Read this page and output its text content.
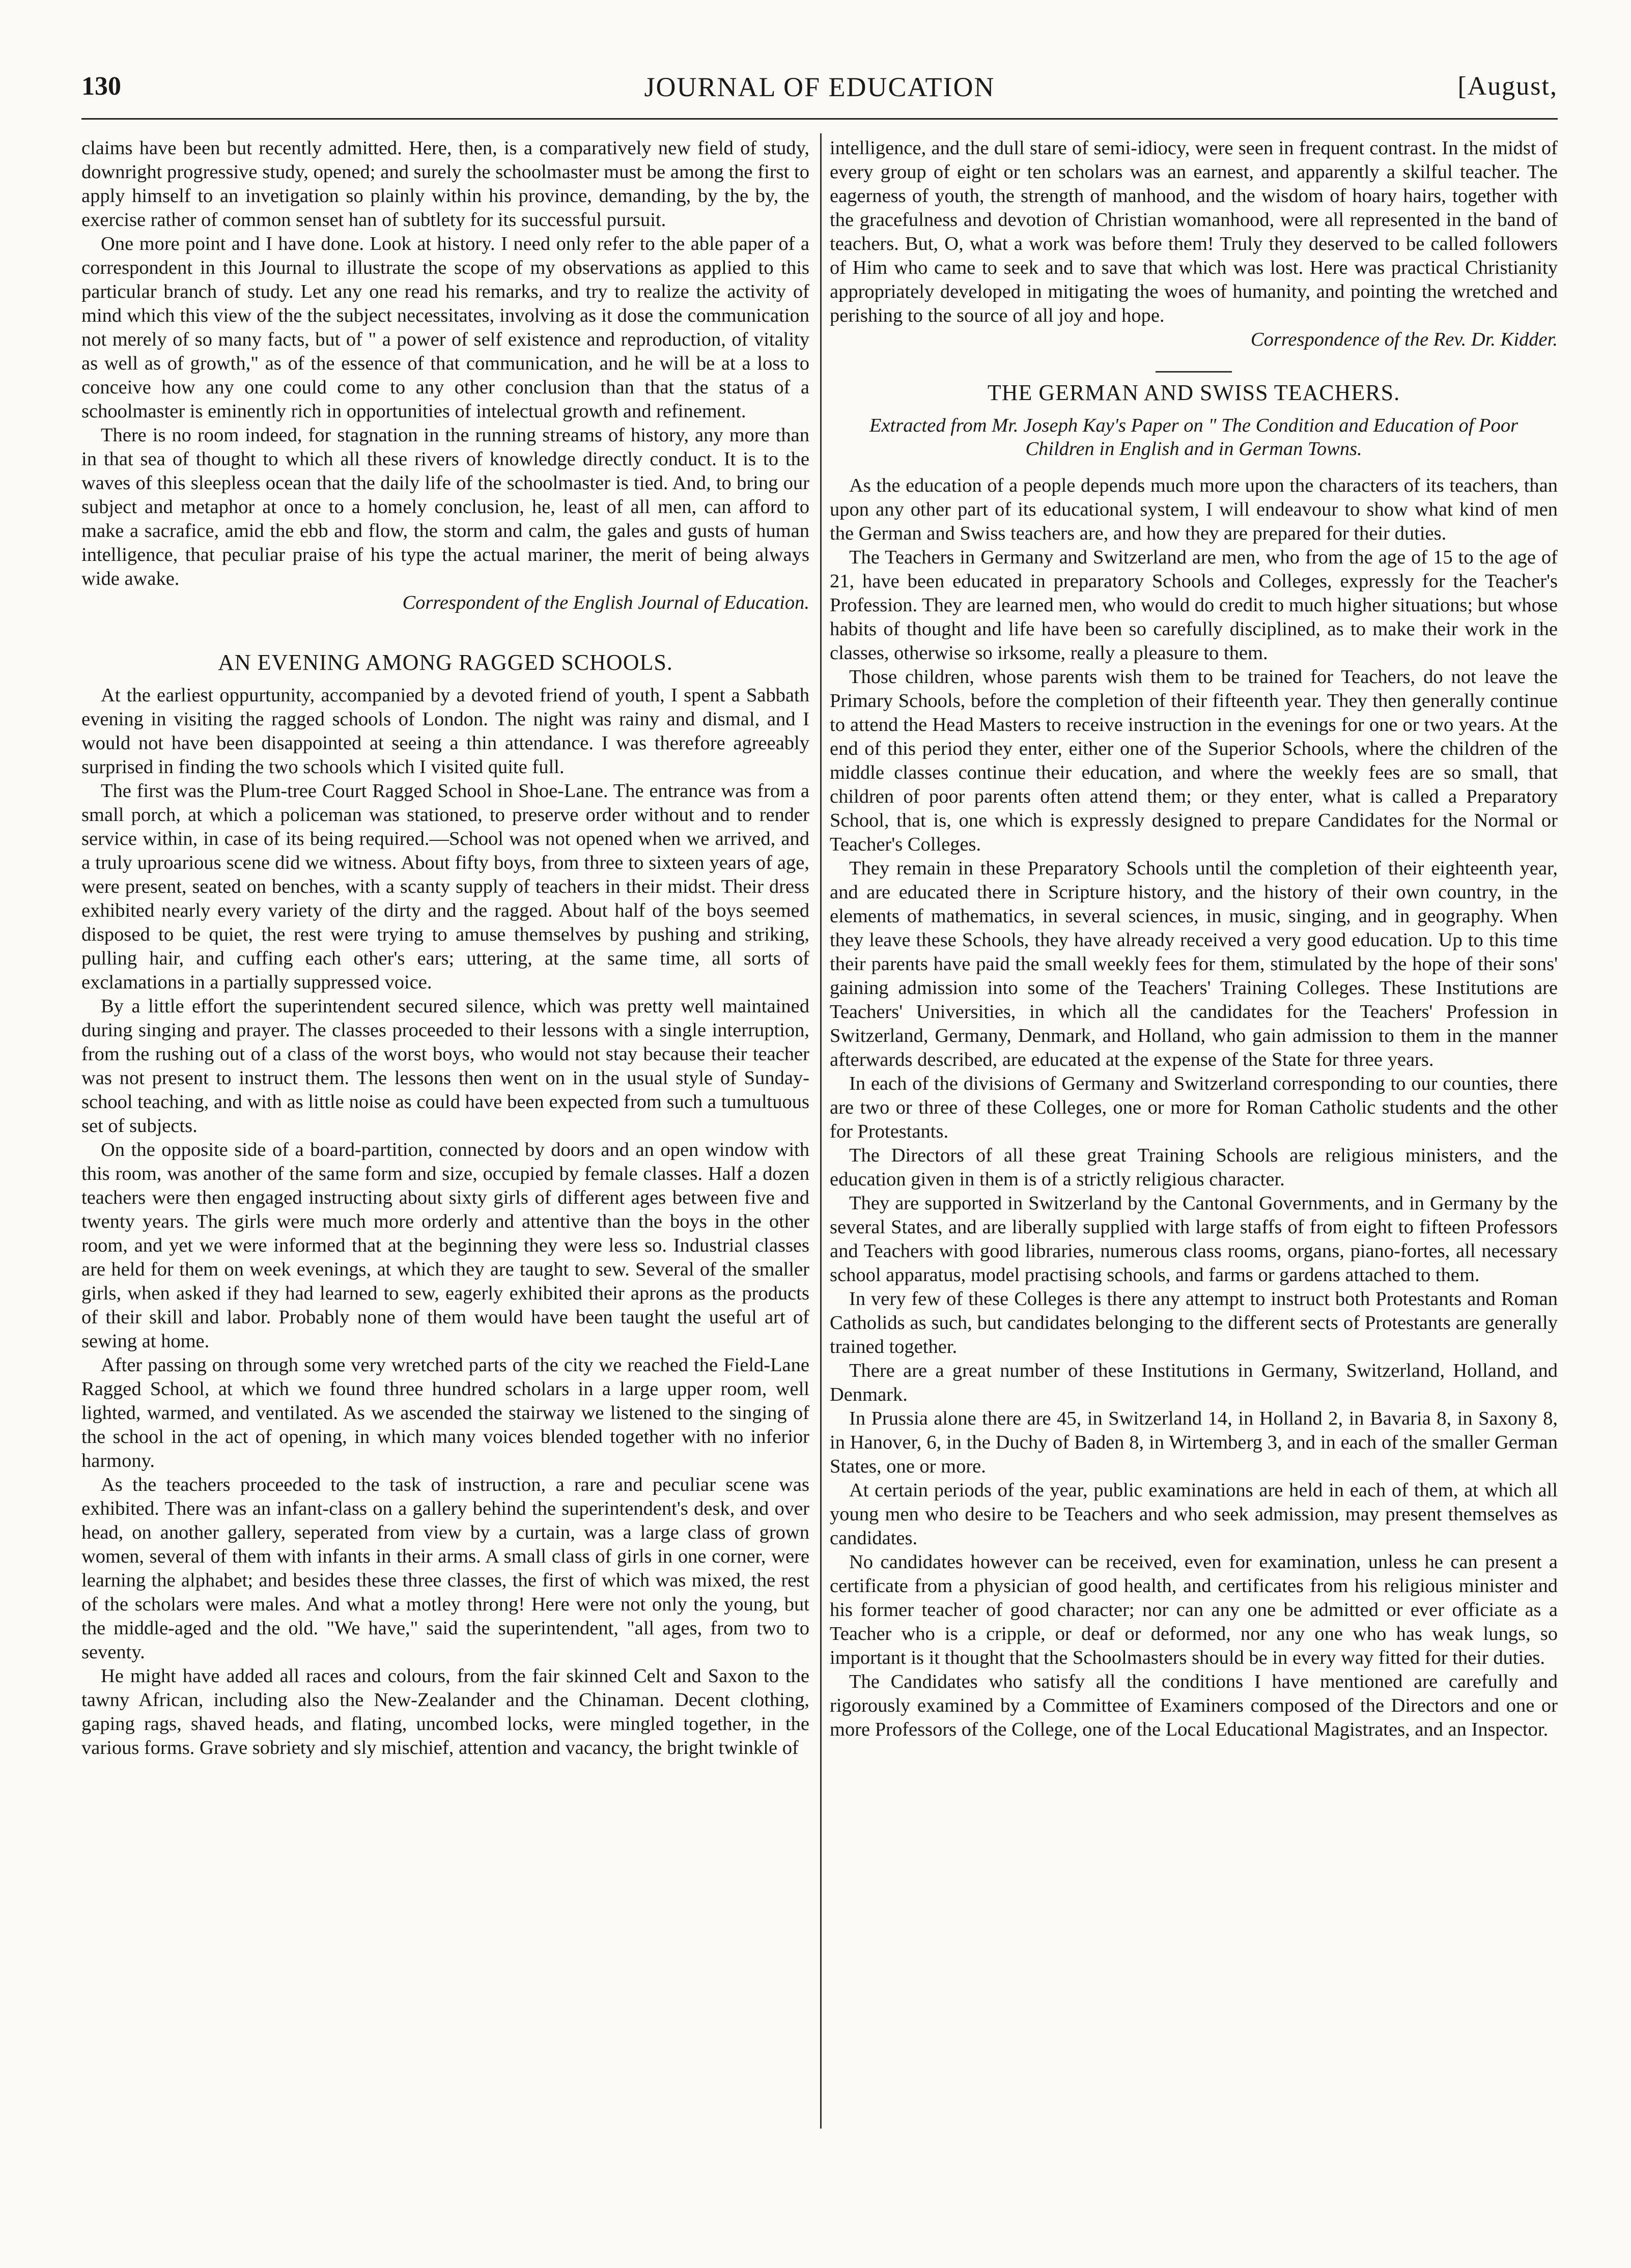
JOURNAL OF EDUCATION
130	[August,

claims have been but recently admitted. Here, then, is a comparatively new field of study, downright progressive study, opened; and surely the schoolmaster must be among the first to apply himself to an invetigation so plainly within his province, demanding, by the by, the exercise rather of common senset han of subtlety for its successful pursuit.

One more point and I have done. Look at history. I need only refer to the able paper of a correspondent in this Journal to illustrate the scope of my observations as applied to this particular branch of study. Let any one read his remarks, and try to realize the activity of mind which this view of the the subject necessitates, involving as it dose the communication not merely of so many facts, but of " a power of self existence and reproduction, of vitality as well as of growth," as of the essence of that communication, and he will be at a loss to conceive how any one could come to any other conclusion than that the status of a schoolmaster is eminently rich in opportunities of intelectual growth and refinement.

There is no room indeed, for stagnation in the running streams of history, any more than in that sea of thought to which all these rivers of knowledge directly conduct. It is to the waves of this sleepless ocean that the daily life of the schoolmaster is tied. And, to bring our subject and metaphor at once to a homely conclusion, he, least of all men, can afford to make a sacrafice, amid the ebb and flow, the storm and calm, the gales and gusts of human intelligence, that peculiar praise of his type the actual mariner, the merit of being always wide awake.

Correspondent of the English Journal of Education.
AN EVENING AMONG RAGGED SCHOOLS.

At the earliest oppurtunity, accompanied by a devoted friend of youth, I spent a Sabbath evening in visiting the ragged schools of London. The night was rainy and dismal, and I would not have been disappointed at seeing a thin attendance. I was therefore agreeably surprised in finding the two schools which I visited quite full.

The first was the Plum-tree Court Ragged School in Shoe-Lane. The entrance was from a small porch, at which a policeman was stationed, to preserve order without and to render service within, in case of its being required.—School was not opened when we arrived, and a truly uproarious scene did we witness. About fifty boys, from three to sixteen years of age, were present, seated on benches, with a scanty supply of teachers in their midst. Their dress exhibited nearly every variety of the dirty and the ragged. About half of the boys seemed disposed to be quiet, the rest were trying to amuse themselves by pushing and striking, pulling hair, and cuffing each other's ears; uttering, at the same time, all sorts of exclamations in a partially suppressed voice.

By a little effort the superintendent secured silence, which was pretty well maintained during singing and prayer. The classes proceeded to their lessons with a single interruption, from the rushing out of a class of the worst boys, who would not stay because their teacher was not present to instruct them. The lessons then went on in the usual style of Sunday-school teaching, and with as little noise as could have been expected from such a tumultuous set of subjects.

On the opposite side of a board-partition, connected by doors and an open window with this room, was another of the same form and size, occupied by female classes. Half a dozen teachers were then engaged instructing about sixty girls of different ages between five and twenty years. The girls were much more orderly and attentive than the boys in the other room, and yet we were informed that at the beginning they were less so. Industrial classes are held for them on week evenings, at which they are taught to sew. Several of the smaller girls, when asked if they had learned to sew, eagerly exhibited their aprons as the products of their skill and labor. Probably none of them would have been taught the useful art of sewing at home.

After passing on through some very wretched parts of the city we reached the Field-Lane Ragged School, at which we found three hundred scholars in a large upper room, well lighted, warmed, and ventilated. As we ascended the stairway we listened to the singing of the school in the act of opening, in which many voices blended together with no inferior harmony.

As the teachers proceeded to the task of instruction, a rare and peculiar scene was exhibited. There was an infant-class on a gallery behind the superintendent's desk, and over head, on another gallery, seperated from view by a curtain, was a large class of grown women, several of them with infants in their arms. A small class of girls in one corner, were learning the alphabet; and besides these three classes, the first of which was mixed, the rest of the scholars were males. And what a motley throng! Here were not only the young, but the middle-aged and the old. "We have," said the superintendent, "all ages, from two to seventy.

He might have added all races and colours, from the fair skinned Celt and Saxon to the tawny African, including also the New-Zealander and the Chinaman. Decent clothing, gaping rags, shaved heads, and flating, uncombed locks, were mingled together, in the various forms. Grave sobriety and sly mischief, attention and vacancy, the bright twinkle of

intelligence, and the dull stare of semi-idiocy, were seen in frequent contrast. In the midst of every group of eight or ten scholars was an earnest, and apparently a skilful teacher. The eagerness of youth, the strength of manhood, and the wisdom of hoary hairs, together with the gracefulness and devotion of Christian womanhood, were all represented in the band of teachers. But, O, what a work was before them! Truly they deserved to be called followers of Him who came to seek and to save that which was lost. Here was practical Christianity appropriately developed in mitigating the woes of humanity, and pointing the wretched and perishing to the source of all joy and hope.

Correspondence of the Rev. Dr. Kidder.
THE GERMAN AND SWISS TEACHERS.
Extracted from Mr. Joseph Kay's Paper on " The Condition and Education of Poor Children in English and in German Towns.

As the education of a people depends much more upon the characters of its teachers, than upon any other part of its educational system, I will endeavour to show what kind of men the German and Swiss teachers are, and how they are prepared for their duties.

The Teachers in Germany and Switzerland are men, who from the age of 15 to the age of 21, have been educated in preparatory Schools and Colleges, expressly for the Teacher's Profession. They are learned men, who would do credit to much higher situations; but whose habits of thought and life have been so carefully disciplined, as to make their work in the classes, otherwise so irksome, really a pleasure to them.

Those children, whose parents wish them to be trained for Teachers, do not leave the Primary Schools, before the completion of their fifteenth year. They then generally continue to attend the Head Masters to receive instruction in the evenings for one or two years. At the end of this period they enter, either one of the Superior Schools, where the children of the middle classes continue their education, and where the weekly fees are so small, that children of poor parents often attend them; or they enter, what is called a Preparatory School, that is, one which is expressly designed to prepare Candidates for the Normal or Teacher's Colleges.

They remain in these Preparatory Schools until the completion of their eighteenth year, and are educated there in Scripture history, and the history of their own country, in the elements of mathematics, in several sciences, in music, singing, and in geography. When they leave these Schools, they have already received a very good education. Up to this time their parents have paid the small weekly fees for them, stimulated by the hope of their sons' gaining admission into some of the Teachers' Training Colleges. These Institutions are Teachers' Universities, in which all the candidates for the Teachers' Profession in Switzerland, Germany, Denmark, and Holland, who gain admission to them in the manner afterwards described, are educated at the expense of the State for three years.

In each of the divisions of Germany and Switzerland corresponding to our counties, there are two or three of these Colleges, one or more for Roman Catholic students and the other for Protestants.

The Directors of all these great Training Schools are religious ministers, and the education given in them is of a strictly religious character.

They are supported in Switzerland by the Cantonal Governments, and in Germany by the several States, and are liberally supplied with large staffs of from eight to fifteen Professors and Teachers with good libraries, numerous class rooms, organs, piano-fortes, all necessary school apparatus, model practising schools, and farms or gardens attached to them.

In very few of these Colleges is there any attempt to instruct both Protestants and Roman Catholids as such, but candidates belonging to the different sects of Protestants are generally trained together.

There are a great number of these Institutions in Germany, Switzerland, Holland, and Denmark.

In Prussia alone there are 45, in Switzerland 14, in Holland 2, in Bavaria 8, in Saxony 8, in Hanover, 6, in the Duchy of Baden 8, in Wirtemberg 3, and in each of the smaller German States, one or more.

At certain periods of the year, public examinations are held in each of them, at which all young men who desire to be Teachers and who seek admission, may present themselves as candidates.

No candidates however can be received, even for examination, unless he can present a certificate from a physician of good health, and certificates from his religious minister and his former teacher of good character; nor can any one be admitted or ever officiate as a Teacher who is a cripple, or deaf or deformed, nor any one who has weak lungs, so important is it thought that the Schoolmasters should be in every way fitted for their duties.

The Candidates who satisfy all the conditions I have mentioned are carefully and rigorously examined by a Committee of Examiners composed of the Directors and one or more Professors of the College, one of the Local Educational Magistrates, and an Inspector.
